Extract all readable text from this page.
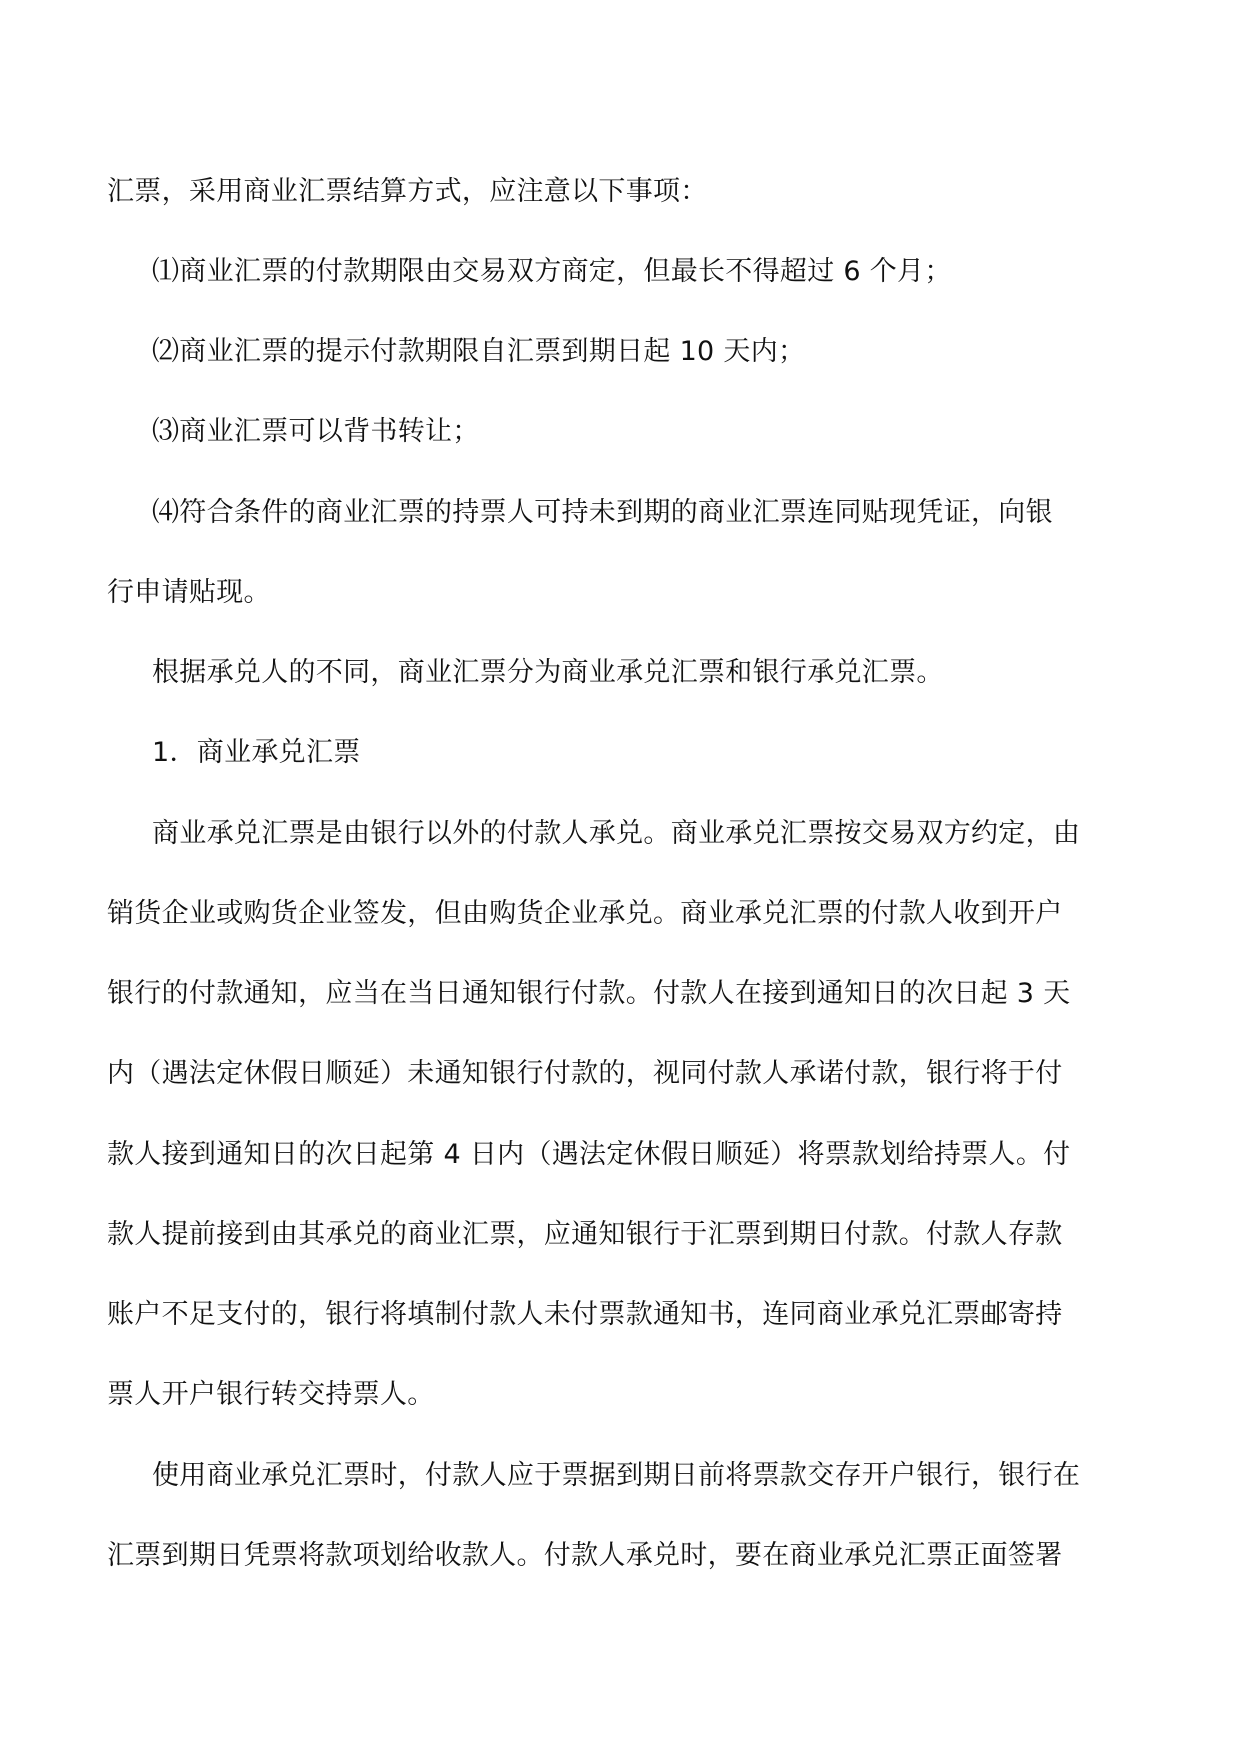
汇票，采用商业汇票结算方式，应注意以下事项：
⑴商业汇票的付款期限由交易双方商定，但最长不得超过 6 个月；
⑵商业汇票的提示付款期限自汇票到期日起 10 天内；
⑶商业汇票可以背书转让；
⑷符合条件的商业汇票的持票人可持未到期的商业汇票连同贴现凭证，向银
行申请贴现。
根据承兑人的不同，商业汇票分为商业承兑汇票和银行承兑汇票。
1．商业承兑汇票
商业承兑汇票是由银行以外的付款人承兑。商业承兑汇票按交易双方约定，由
销货企业或购货企业签发，但由购货企业承兑。商业承兑汇票的付款人收到开户
银行的付款通知，应当在当日通知银行付款。付款人在接到通知日的次日起 3 天
内（遇法定休假日顺延）未通知银行付款的，视同付款人承诺付款，银行将于付
款人接到通知日的次日起第 4 日内（遇法定休假日顺延）将票款划给持票人。付
款人提前接到由其承兑的商业汇票，应通知银行于汇票到期日付款。付款人存款
账户不足支付的，银行将填制付款人未付票款通知书，连同商业承兑汇票邮寄持
票人开户银行转交持票人。
使用商业承兑汇票时，付款人应于票据到期日前将票款交存开户银行，银行在
汇票到期日凭票将款项划给收款人。付款人承兑时，要在商业承兑汇票正面签署
